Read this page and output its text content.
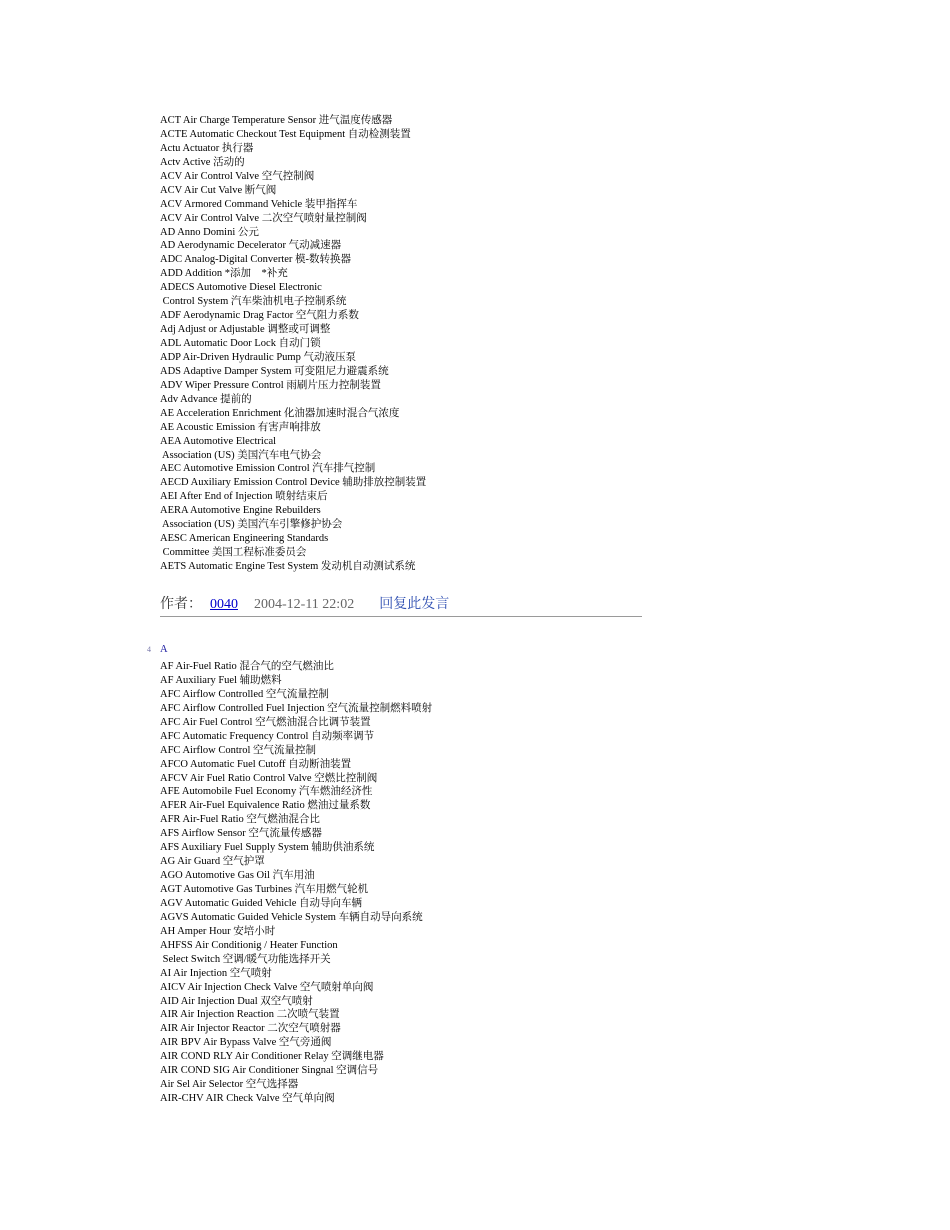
ACT Air Charge Temperature Sensor 进气温度传感器
ACTE Automatic Checkout Test Equipment 自动检测装置
Actu Actuator 执行器
Actv Active 活动的
ACV Air Control Valve 空气控制阀
ACV Air Cut Valve 断气阀
ACV Armored Command Vehicle 装甲指挥车
ACV Air Control Valve 二次空气喷射量控制阀
AD Anno Domini 公元
AD Aerodynamic Decelerator 气动减速器
ADC Analog-Digital Converter 模-数转换器
ADD Addition *添加    *补充
ADECS Automotive Diesel Electronic
Control System 汽车柴油机电子控制系统
ADF Aerodynamic Drag Factor 空气阻力系数
Adj Adjust or Adjustable 调整或可调整
ADL Automatic Door Lock 自动门锁
ADP Air-Driven Hydraulic Pump 气动液压泵
ADS Adaptive Damper System 可变阻尼力避震系统
ADV Wiper Pressure Control 雨刷片压力控制装置
Adv Advance 提前的
AE Acceleration Enrichment 化油器加速时混合气浓度
AE Acoustic Emission 有害声响排放
AEA Automotive Electrical
Association (US) 美国汽车电气协会
AEC Automotive Emission Control 汽车排气控制
AECD Auxiliary Emission Control Device 辅助排放控制装置
AEI After End of Injection 喷射结束后
AERA Automotive Engine Rebuilders
Association (US) 美国汽车引擎修护协会
AESC American Engineering Standards
Committee 美国工程标准委员会
AETS Automatic Engine Test System 发动机自动测试系统
作者： 0040 2004-12-11 22:02 回复此发言
4 A
AF Air-Fuel Ratio 混合气的空气燃油比
AF Auxiliary Fuel 辅助燃料
AFC Airflow Controlled 空气流量控制
AFC Airflow Controlled Fuel Injection 空气流量控制燃料喷射
AFC Air Fuel Control 空气燃油混合比调节装置
AFC Automatic Frequency Control 自动频率调节
AFC Airflow Control 空气流量控制
AFCO Automatic Fuel Cutoff 自动断油装置
AFCV Air Fuel Ratio Control Valve 空燃比控制阀
AFE Automobile Fuel Economy 汽车燃油经济性
AFER Air-Fuel Equivalence Ratio 燃油过量系数
AFR Air-Fuel Ratio 空气燃油混合比
AFS Airflow Sensor 空气流量传感器
AFS Auxiliary Fuel Supply System 辅助供油系统
AG Air Guard 空气护罩
AGO Automotive Gas Oil 汽车用油
AGT Automotive Gas Turbines 汽车用燃气轮机
AGV Automatic Guided Vehicle 自动导向车辆
AGVS Automatic Guided Vehicle System 车辆自动导向系统
AH Amper Hour 安培小时
AHFSS Air Conditionig / Heater Function
Select Switch 空调/暖气功能选择开关
AI Air Injection 空气喷射
AICV Air Injection Check Valve 空气喷射单向阀
AID Air Injection Dual 双空气喷射
AIR Air Injection Reaction 二次喷气装置
AIR Air Injector Reactor 二次空气喷射器
AIR BPV Air Bypass Valve 空气旁通阀
AIR COND RLY Air Conditioner Relay 空调继电器
AIR COND SIG Air Conditioner Singnal 空调信号
Air Sel Air Selector 空气选择器
AIR-CHV AIR Check Valve 空气单向阀
